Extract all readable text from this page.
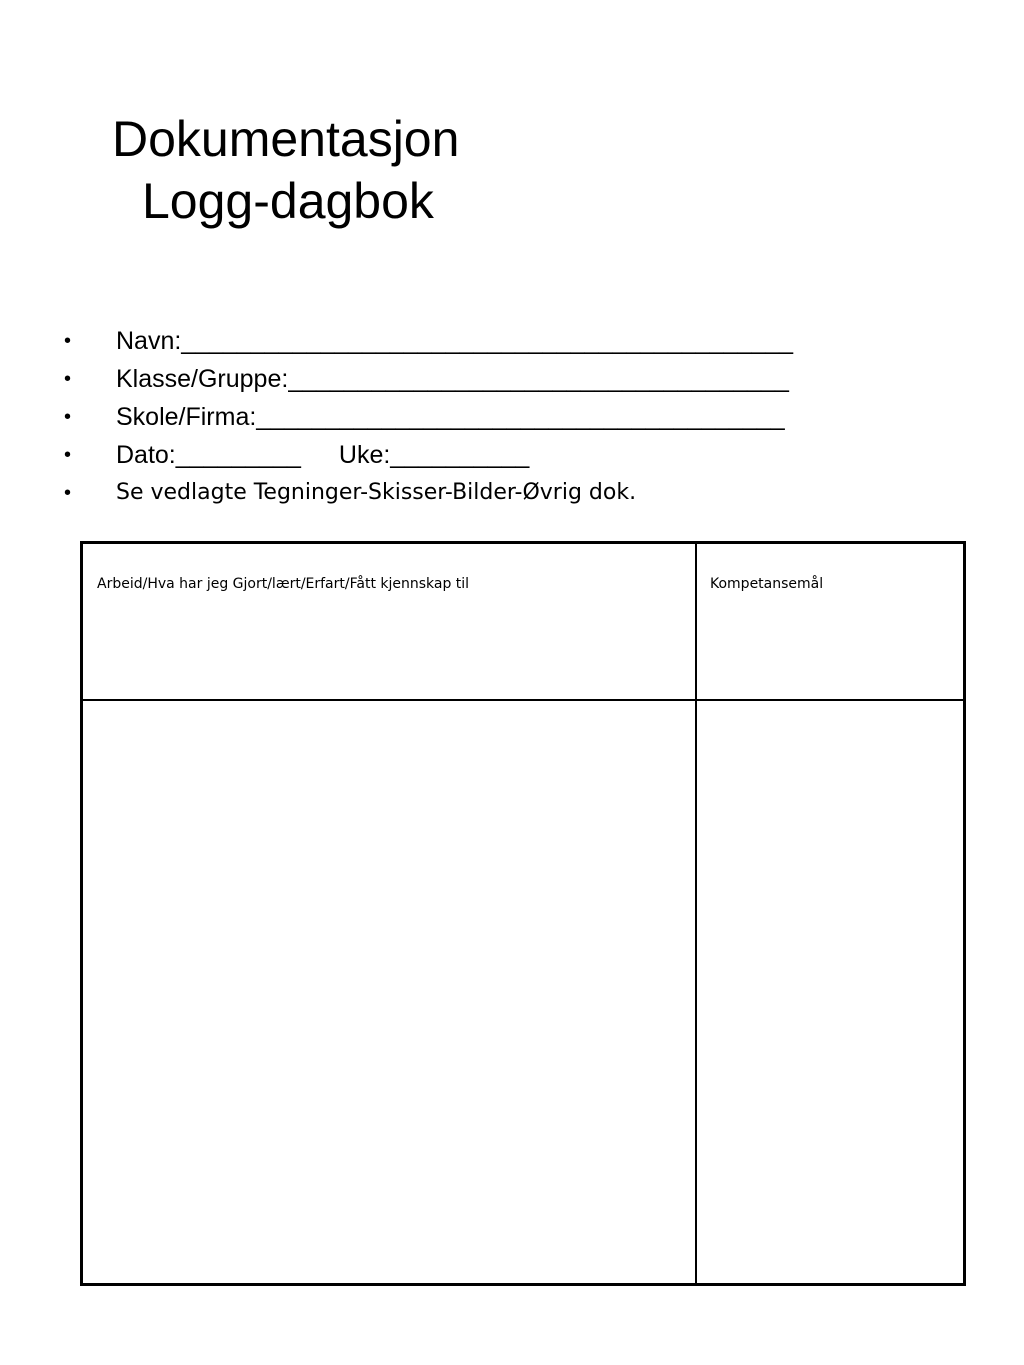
Dokumentasjon
Logg-dagbok
• Navn:____________________________________________
• Klasse/Gruppe:____________________________________
• Skole/Firma:______________________________________
• Dato:_________ Uke:__________
• Se vedlagte Tegninger-Skisser-Bilder-Øvrig dok.
Arbeid/Hva har jeg Gjort/lært/Erfart/Fått kjennskap til	Kompetansemål
